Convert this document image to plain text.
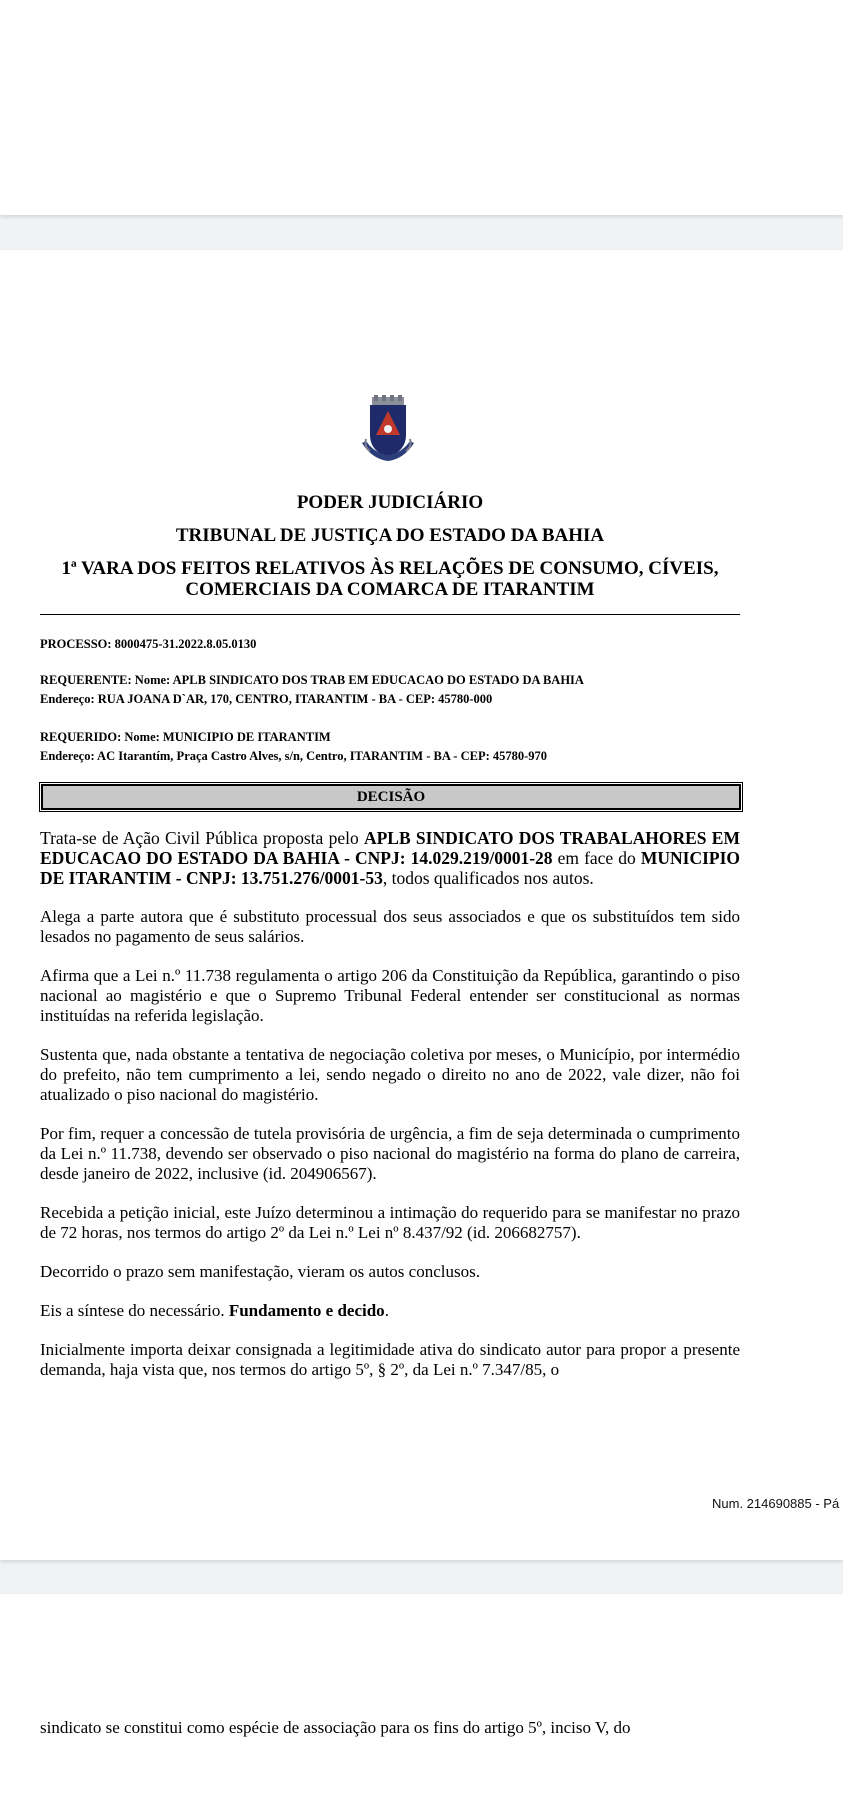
PODER JUDICIÁRIO
TRIBUNAL DE JUSTIÇA DO ESTADO DA BAHIA
1ª VARA DOS FEITOS RELATIVOS ÀS RELAÇÕES DE CONSUMO, CÍVEIS,
COMERCIAIS DA COMARCA DE ITARANTIM
PROCESSO: 8000475-31.2022.8.05.0130
REQUERENTE: Nome: APLB SINDICATO DOS TRAB EM EDUCACAO DO ESTADO DA BAHIA
Endereço: RUA JOANA D`AR, 170, CENTRO, ITARANTIM - BA - CEP: 45780-000
REQUERIDO: Nome: MUNICIPIO DE ITARANTIM
Endereço: AC Itarantím, Praça Castro Alves, s/n, Centro, ITARANTIM - BA - CEP: 45780-970
DECISÃO

Trata-se de Ação Civil Pública proposta pelo APLB SINDICATO DOS TRABALAHORES EM EDUCACAO DO ESTADO DA BAHIA - CNPJ: 14.029.219/0001-28 em face do MUNICIPIO DE ITARANTIM - CNPJ: 13.751.276/0001-53, todos qualificados nos autos.

Alega a parte autora que é substituto processual dos seus associados e que os substituídos tem sido lesados no pagamento de seus salários.

Afirma que a Lei n.º 11.738 regulamenta o artigo 206 da Constituição da República, garantindo o piso nacional ao magistério e que o Supremo Tribunal Federal entender ser constitucional as normas instituídas na referida legislação.

Sustenta que, nada obstante a tentativa de negociação coletiva por meses, o Município, por intermédio do prefeito, não tem cumprimento a lei, sendo negado o direito no ano de 2022, vale dizer, não foi atualizado o piso nacional do magistério.

Por fim, requer a concessão de tutela provisória de urgência, a fim de seja determinada o cumprimento da Lei n.º 11.738, devendo ser observado o piso nacional do magistério na forma do plano de carreira, desde janeiro de 2022, inclusive (id. 204906567).

Recebida a petição inicial, este Juízo determinou a intimação do requerido para se manifestar no prazo de 72 horas, nos termos do artigo 2º da Lei n.º Lei nº 8.437/92 (id. 206682757).

Decorrido o prazo sem manifestação, vieram os autos conclusos.

Eis a síntese do necessário. Fundamento e decido.

Inicialmente importa deixar consignada a legitimidade ativa do sindicato autor para propor a presente demanda, haja vista que, nos termos do artigo 5º, § 2º, da Lei n.º 7.347/85, o

Num. 214690885 - Pá
sindicato se constitui como espécie de associação para os fins do artigo 5º, inciso V, do
